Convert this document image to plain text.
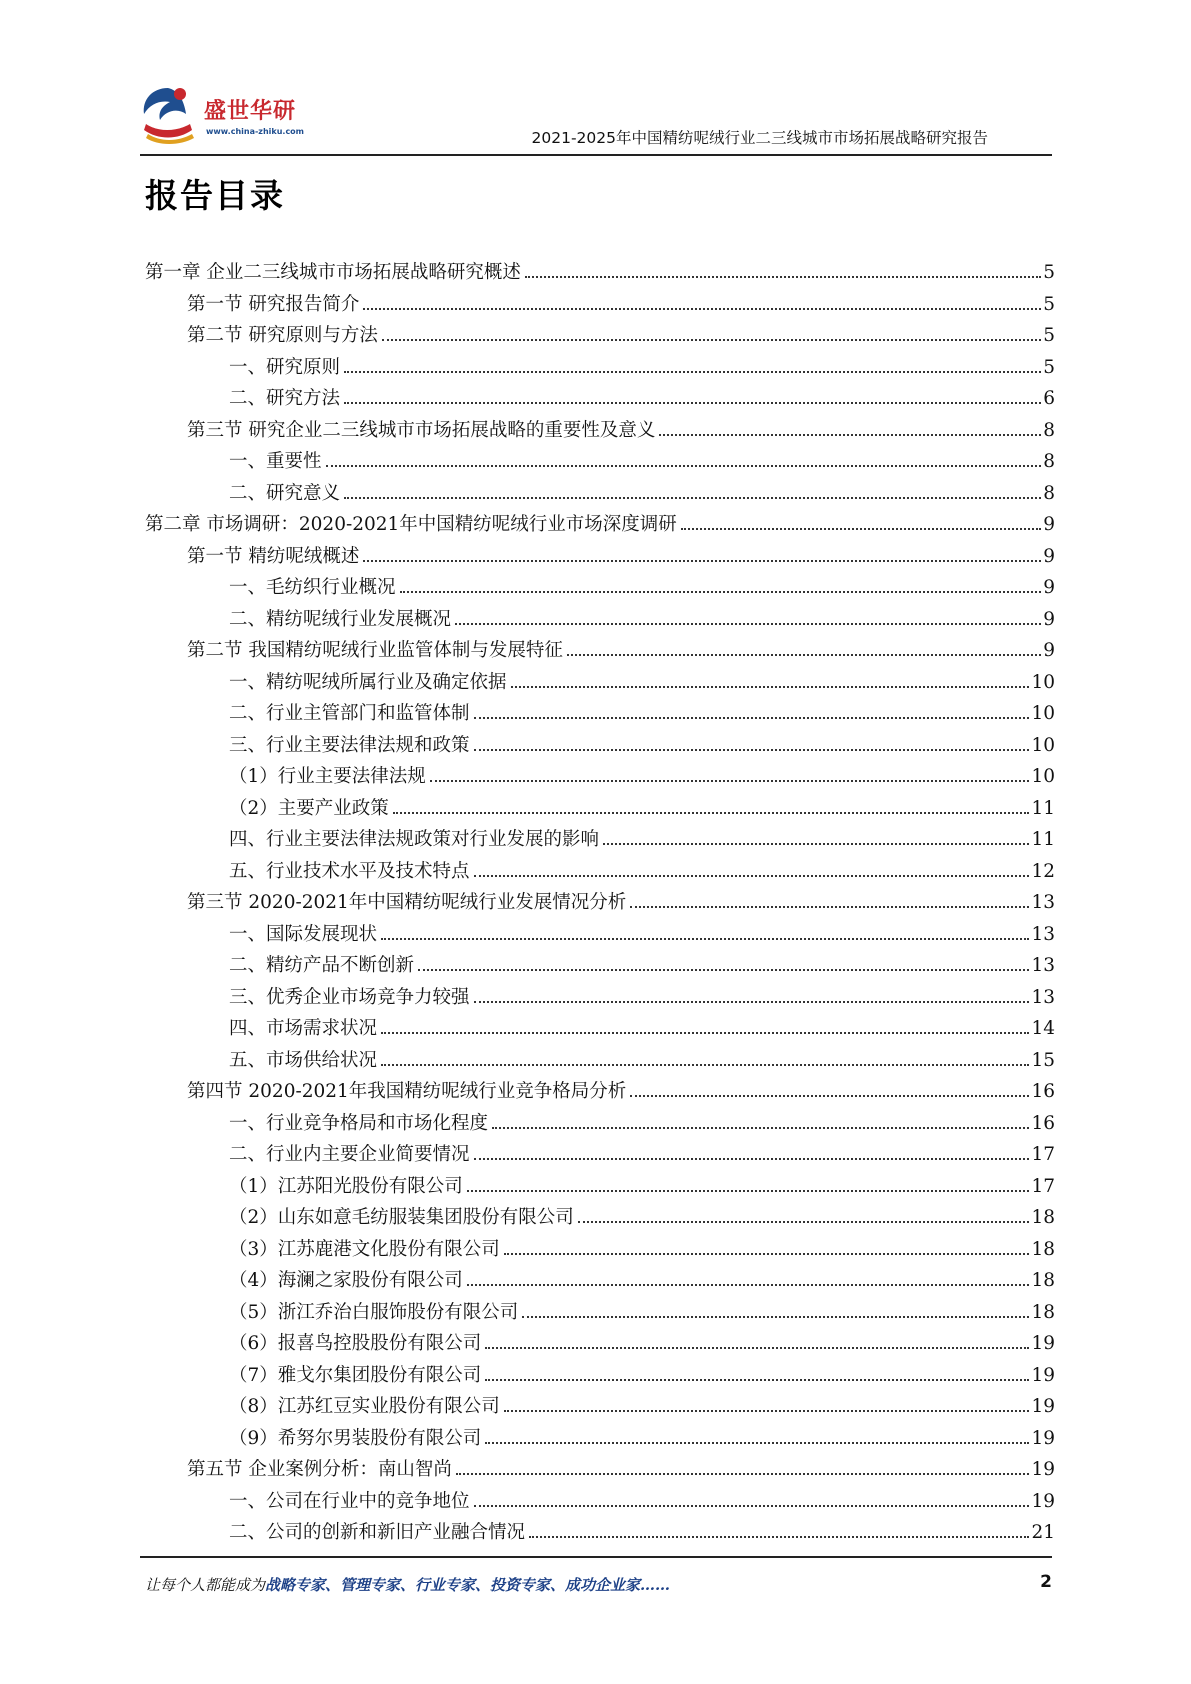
盛世华研
www.china-zhiku.com	2021-2025年中国精纺呢绒行业二三线城市市场拓展战略研究报告
报告目录
第一章 企业二三线城市市场拓展战略研究概述	5
第一节 研究报告简介	5
第二节 研究原则与方法	5
一、研究原则	5
二、研究方法	6
第三节 研究企业二三线城市市场拓展战略的重要性及意义	8
一、重要性	8
二、研究意义	8
第二章 市场调研：2020-2021年中国精纺呢绒行业市场深度调研	9
第一节 精纺呢绒概述	9
一、毛纺织行业概况	9
二、精纺呢绒行业发展概况	9
第二节 我国精纺呢绒行业监管体制与发展特征	9
一、精纺呢绒所属行业及确定依据	10
二、行业主管部门和监管体制	10
三、行业主要法律法规和政策	10
（1）行业主要法律法规	10
（2）主要产业政策	11
四、行业主要法律法规政策对行业发展的影响	11
五、行业技术水平及技术特点	12
第三节 2020-2021年中国精纺呢绒行业发展情况分析	13
一、国际发展现状	13
二、精纺产品不断创新	13
三、优秀企业市场竞争力较强	13
四、市场需求状况	14
五、市场供给状况	15
第四节 2020-2021年我国精纺呢绒行业竞争格局分析	16
一、行业竞争格局和市场化程度	16
二、行业内主要企业简要情况	17
（1）江苏阳光股份有限公司	17
（2）山东如意毛纺服装集团股份有限公司	18
（3）江苏鹿港文化股份有限公司	18
（4）海澜之家股份有限公司	18
（5）浙江乔治白服饰股份有限公司	18
（6）报喜鸟控股股份有限公司	19
（7）雅戈尔集团股份有限公司	19
（8）江苏红豆实业股份有限公司	19
（9）希努尔男装股份有限公司	19
第五节 企业案例分析：南山智尚	19
一、公司在行业中的竞争地位	19
二、公司的创新和新旧产业融合情况	21
让每个人都能成为战略专家、管理专家、行业专家、投资专家、成功企业家……	2
